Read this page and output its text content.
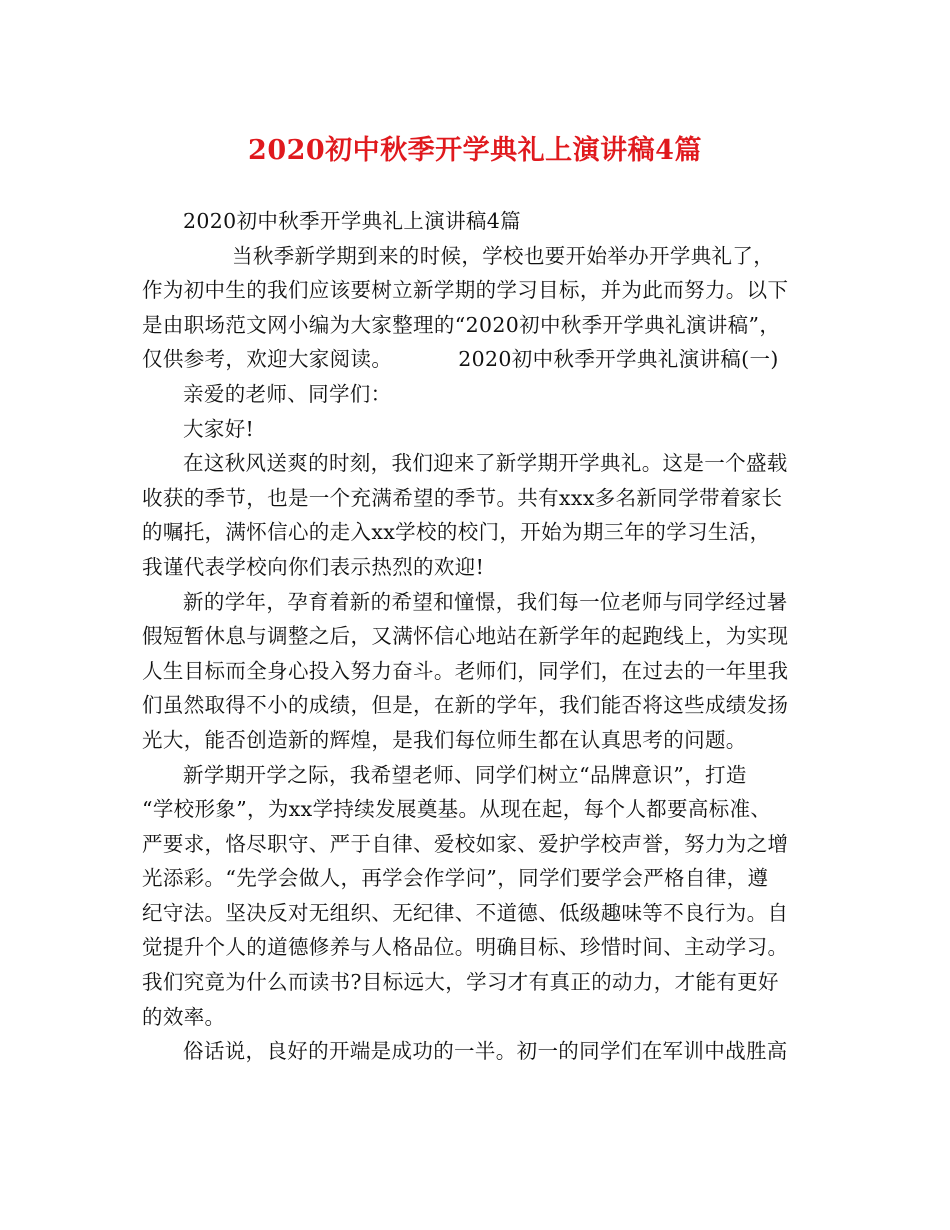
2020初中秋季开学典礼上演讲稿4篇
2020初中秋季开学典礼上演讲稿4篇
当秋季新学期到来的时候，学校也要开始举办开学典礼了，
作为初中生的我们应该要树立新学期的学习目标，并为此而努力。以下
是由职场范文网小编为大家整理的“2020初中秋季开学典礼演讲稿”，
仅供参考，欢迎大家阅读。	2020初中秋季开学典礼演讲稿(一)
亲爱的老师、同学们：
大家好!
在这秋风送爽的时刻，我们迎来了新学期开学典礼。这是一个盛载
收获的季节，也是一个充满希望的季节。共有xxx多名新同学带着家长
的嘱托，满怀信心的走入xx学校的校门，开始为期三年的学习生活，
我谨代表学校向你们表示热烈的欢迎!
新的学年，孕育着新的希望和憧憬，我们每一位老师与同学经过暑
假短暂休息与调整之后，又满怀信心地站在新学年的起跑线上，为实现
人生目标而全身心投入努力奋斗。老师们，同学们，在过去的一年里我
们虽然取得不小的成绩，但是，在新的学年，我们能否将这些成绩发扬
光大，能否创造新的辉煌，是我们每位师生都在认真思考的问题。
新学期开学之际，我希望老师、同学们树立“品牌意识”，打造
“学校形象”，为xx学持续发展奠基。从现在起，每个人都要高标准、
严要求，恪尽职守、严于自律、爱校如家、爱护学校声誉，努力为之增
光添彩。“先学会做人，再学会作学问”，同学们要学会严格自律，遵
纪守法。坚决反对无组织、无纪律、不道德、低级趣味等不良行为。自
觉提升个人的道德修养与人格品位。明确目标、珍惜时间、主动学习。
我们究竟为什么而读书?目标远大，学习才有真正的动力，才能有更好
的效率。
俗话说，良好的开端是成功的一半。初一的同学们在军训中战胜高
